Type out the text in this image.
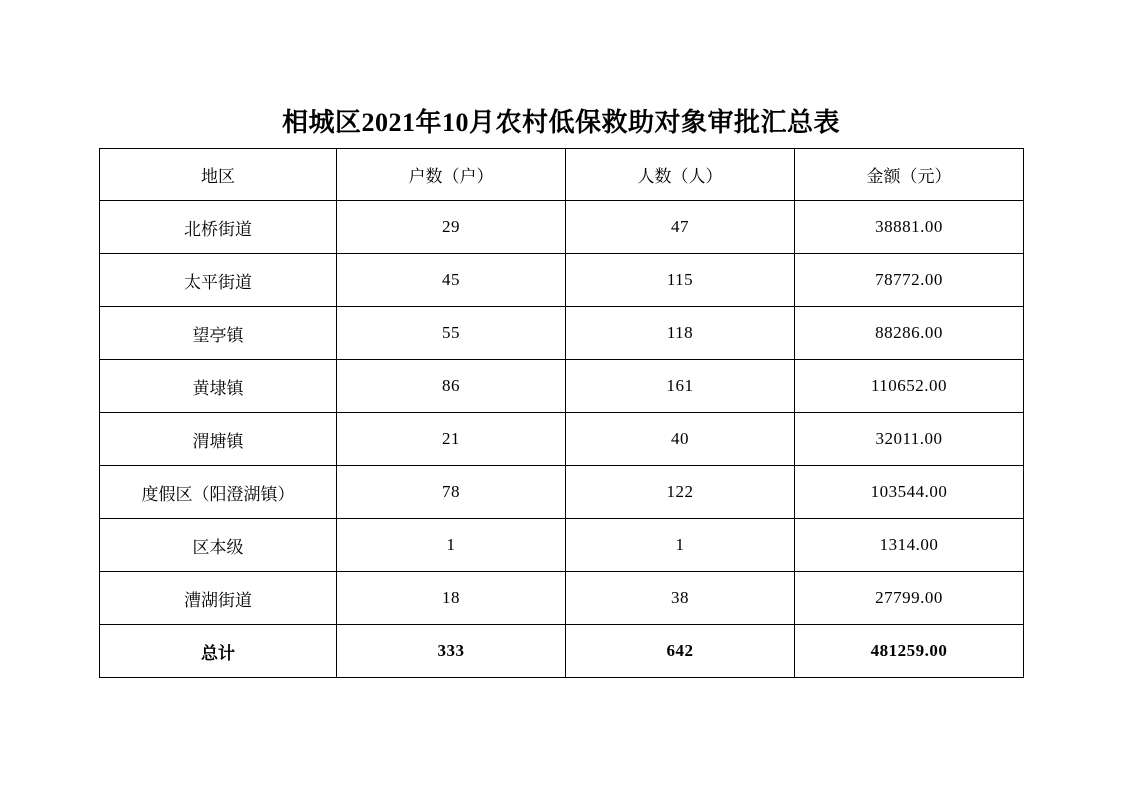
相城区2021年10月农村低保救助对象审批汇总表
地区	户数（户）	人数（人）	金额（元）
北桥街道	29	47	38881.00
太平街道	45	115	78772.00
望亭镇	55	118	88286.00
黄埭镇	86	161	110652.00
渭塘镇	21	40	32011.00
度假区（阳澄湖镇）	78	122	103544.00
区本级	1	1	1314.00
漕湖街道	18	38	27799.00
总计	333	642	481259.00
